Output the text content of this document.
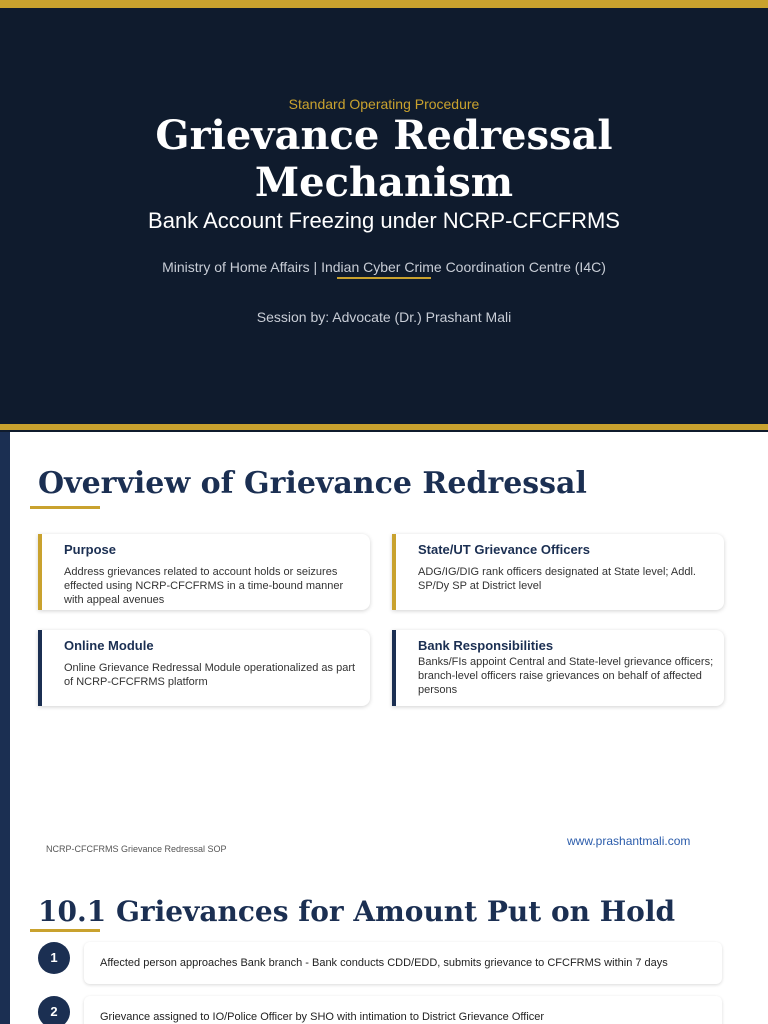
Standard Operating Procedure
Grievance Redressal
Mechanism
Bank Account Freezing under NCRP-CFCFRMS
Ministry of Home Affairs | Indian Cyber Crime Coordination Centre (I4C)
Session by: Advocate (Dr.) Prashant Mali
Overview of Grievance Redressal
Purpose
Address grievances related to account holds or seizures effected using NCRP-CFCFRMS in a time-bound manner with appeal avenues
State/UT Grievance Officers
ADG/IG/DIG rank officers designated at State level; Addl. SP/Dy SP at District level
Online Module
Online Grievance Redressal Module operationalized as part of NCRP-CFCFRMS platform
Bank Responsibilities
Banks/FIs appoint Central and State-level grievance officers; branch-level officers raise grievances on behalf of affected persons
NCRP-CFCFRMS Grievance Redressal SOP
www.prashantmali.com
10.1 Grievances for Amount Put on Hold
1	Affected person approaches Bank branch - Bank conducts CDD/EDD, submits grievance to CFCFRMS within 7 days
2	Grievance assigned to IO/Police Officer by SHO with intimation to District Grievance Officer
